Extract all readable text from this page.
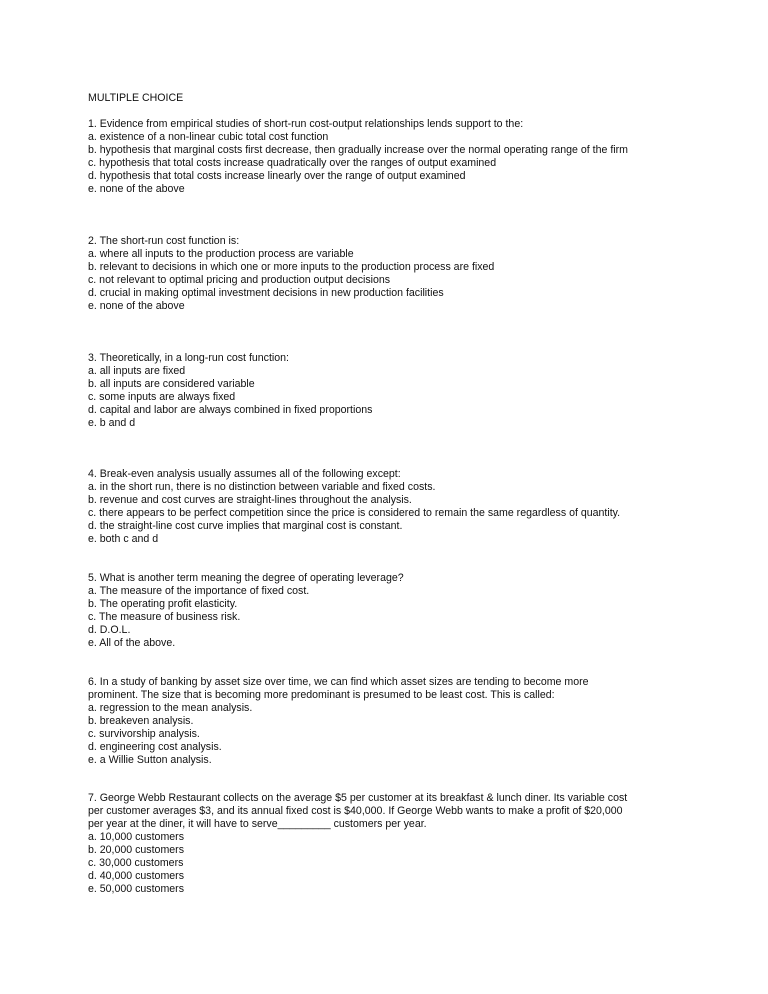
MULTIPLE CHOICE
1. Evidence from empirical studies of short-run cost-output relationships lends support to the:
a. existence of a non-linear cubic total cost function
b. hypothesis that marginal costs first decrease, then gradually increase over the normal operating range of the firm
c. hypothesis that total costs increase quadratically over the ranges of output examined
d. hypothesis that total costs increase linearly over the range of output examined
e. none of the above
2. The short-run cost function is:
a. where all inputs to the production process are variable
b. relevant to decisions in which one or more inputs to the production process are fixed
c. not relevant to optimal pricing and production output decisions
d. crucial in making optimal investment decisions in new production facilities
e. none of the above
3. Theoretically, in a long-run cost function:
a. all inputs are fixed
b. all inputs are considered variable
c. some inputs are always fixed
d. capital and labor are always combined in fixed proportions
e. b and d
4. Break-even analysis usually assumes all of the following except:
a. in the short run, there is no distinction between variable and fixed costs.
b. revenue and cost curves are straight-lines throughout the analysis.
c. there appears to be perfect competition since the price is considered to remain the same regardless of quantity.
d. the straight-line cost curve implies that marginal cost is constant.
e. both c and d
5. What is another term meaning the degree of operating leverage?
a. The measure of the importance of fixed cost.
b. The operating profit elasticity.
c. The measure of business risk.
d. D.O.L.
e. All of the above.
6. In a study of banking by asset size over time, we can find which asset sizes are tending to become more
prominent. The size that is becoming more predominant is presumed to be least cost. This is called:
a. regression to the mean analysis.
b. breakeven analysis.
c. survivorship analysis.
d. engineering cost analysis.
e. a Willie Sutton analysis.
7. George Webb Restaurant collects on the average $5 per customer at its breakfast & lunch diner. Its variable cost
per customer averages $3, and its annual fixed cost is $40,000. If George Webb wants to make a profit of $20,000
per year at the diner, it will have to serve_________ customers per year.
a. 10,000 customers
b. 20,000 customers
c. 30,000 customers
d. 40,000 customers
e. 50,000 customers
